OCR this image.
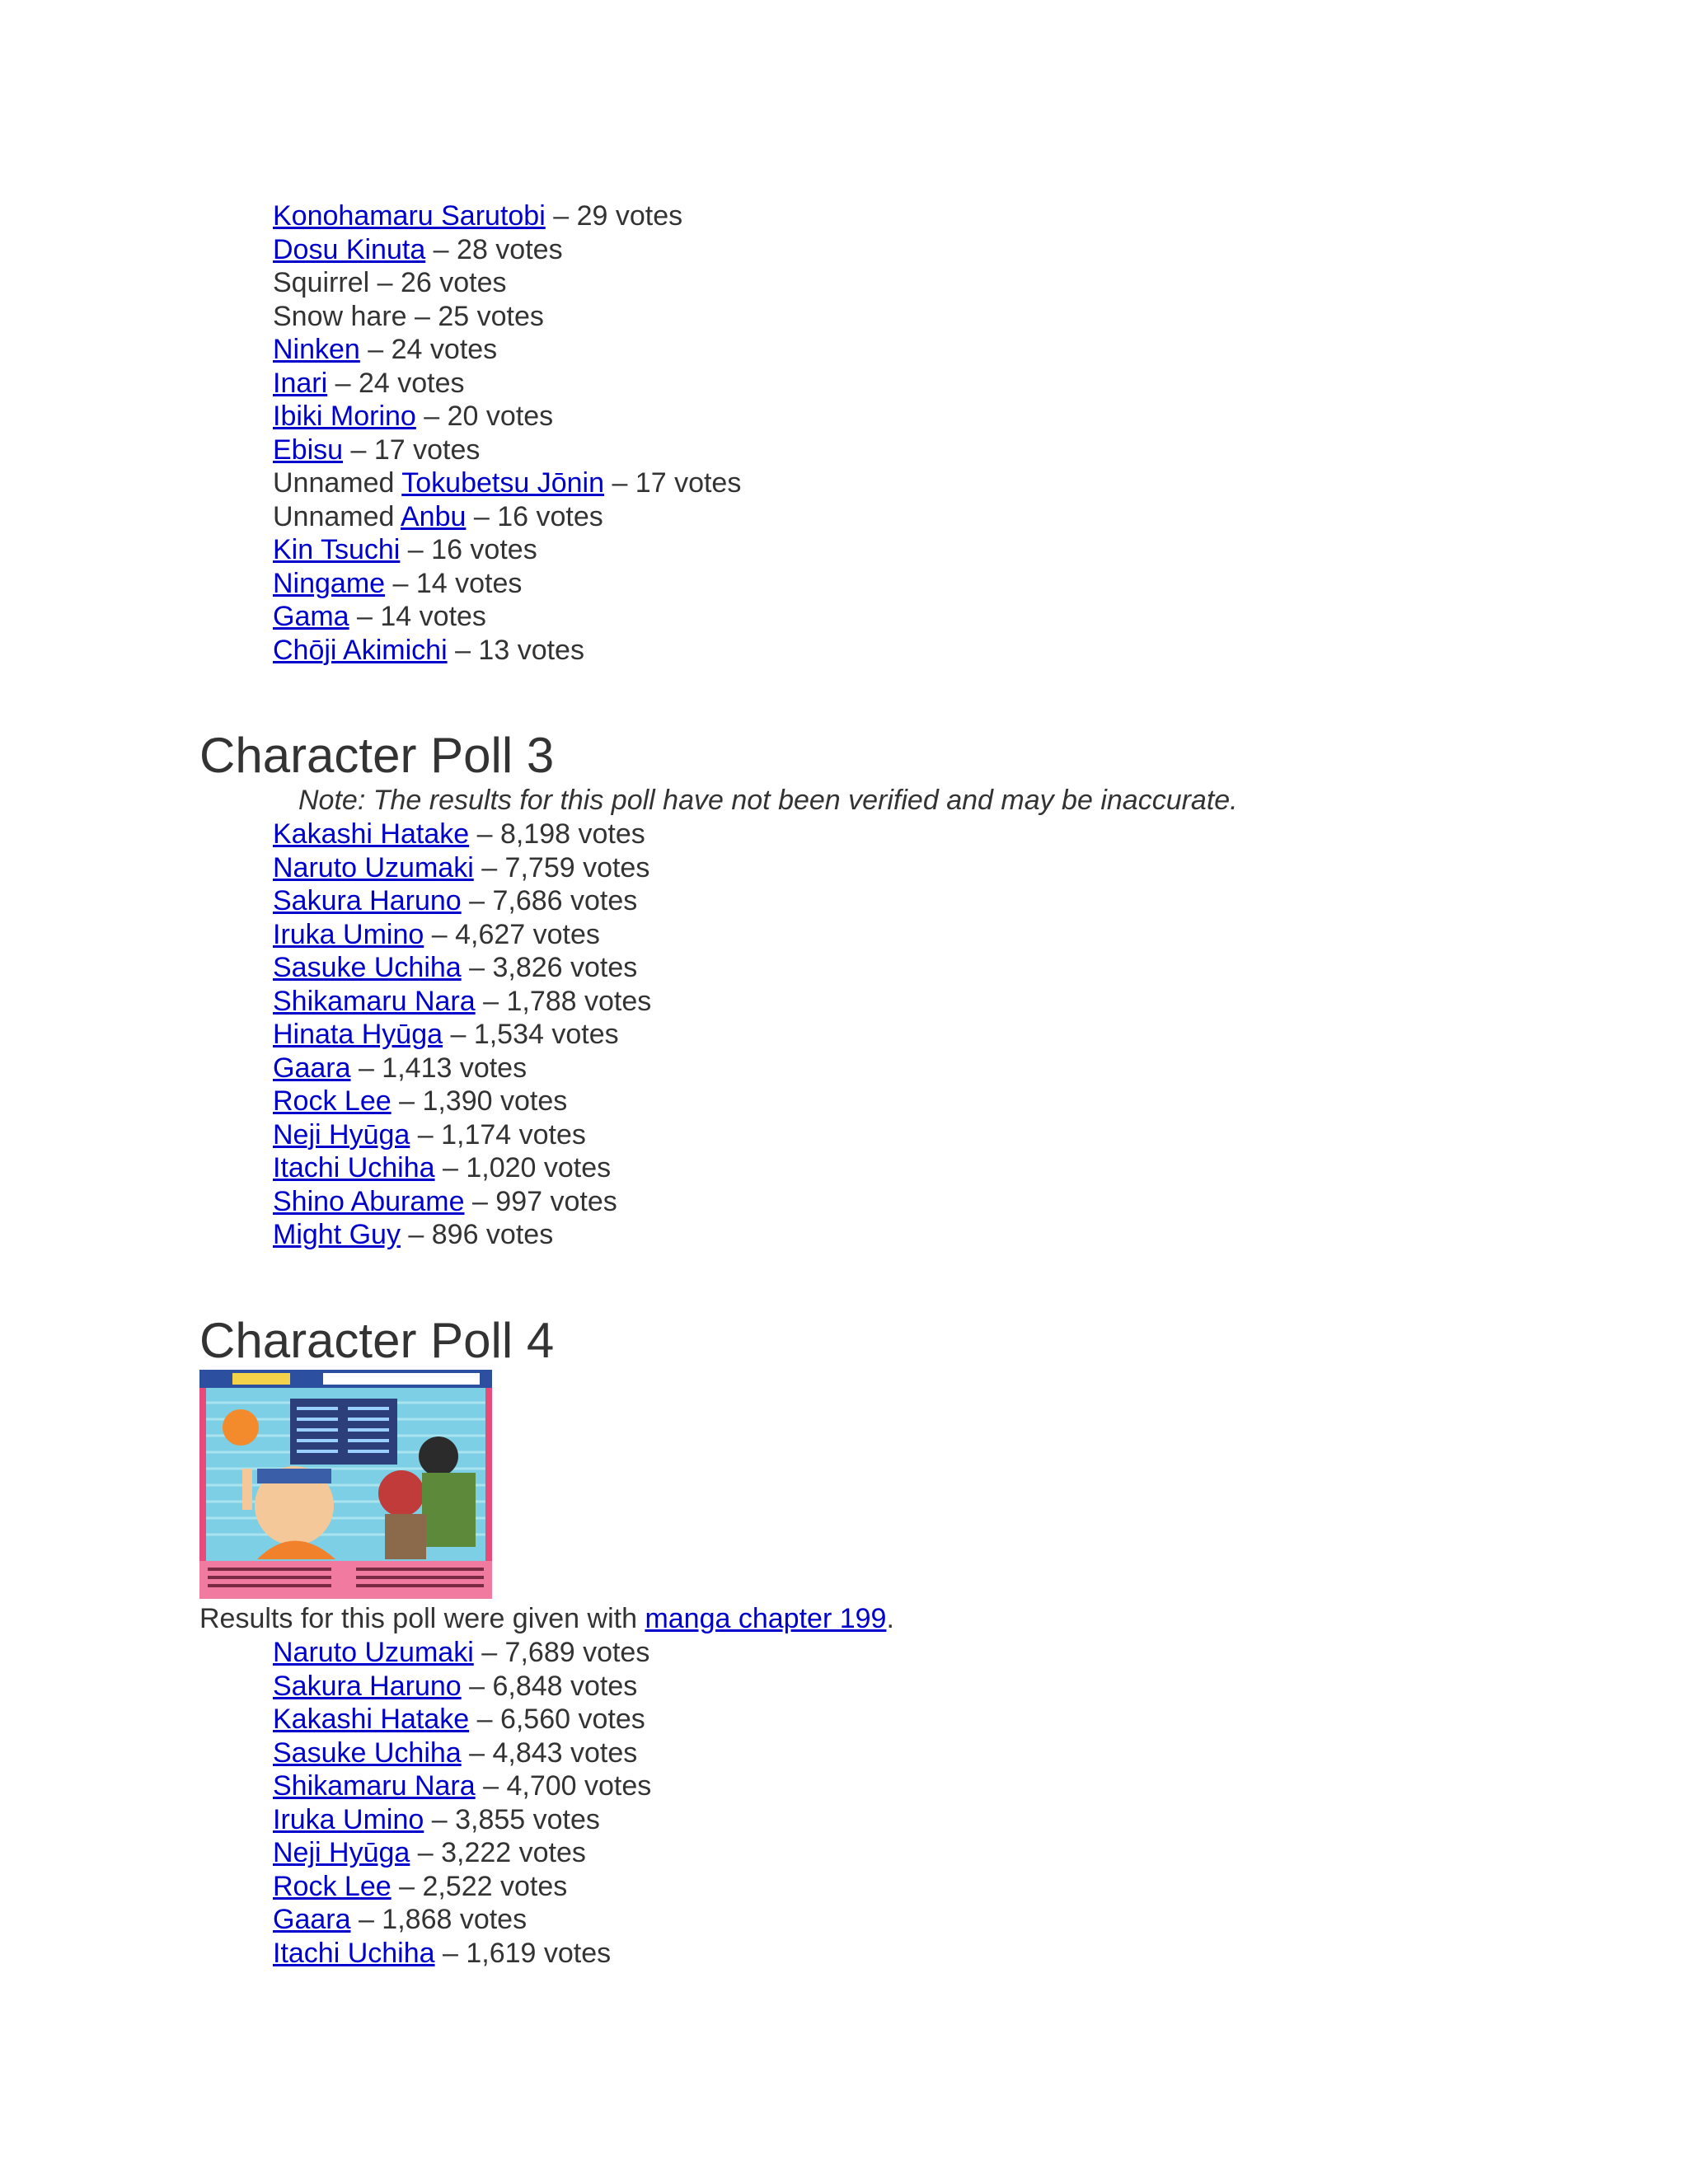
Konohamaru Sarutobi – 29 votes
Dosu Kinuta – 28 votes
Squirrel – 26 votes
Snow hare – 25 votes
Ninken – 24 votes
Inari – 24 votes
Ibiki Morino – 20 votes
Ebisu – 17 votes
Unnamed Tokubetsu Jōnin – 17 votes
Unnamed Anbu – 16 votes
Kin Tsuchi – 16 votes
Ningame – 14 votes
Gama – 14 votes
Chōji Akimichi – 13 votes
Character Poll 3
Note: The results for this poll have not been verified and may be inaccurate.
Kakashi Hatake – 8,198 votes
Naruto Uzumaki – 7,759 votes
Sakura Haruno – 7,686 votes
Iruka Umino – 4,627 votes
Sasuke Uchiha – 3,826 votes
Shikamaru Nara – 1,788 votes
Hinata Hyūga – 1,534 votes
Gaara – 1,413 votes
Rock Lee – 1,390 votes
Neji Hyūga – 1,174 votes
Itachi Uchiha – 1,020 votes
Shino Aburame – 997 votes
Might Guy – 896 votes
Character Poll 4
Results for this poll were given with manga chapter 199.
Naruto Uzumaki – 7,689 votes
Sakura Haruno – 6,848 votes
Kakashi Hatake – 6,560 votes
Sasuke Uchiha – 4,843 votes
Shikamaru Nara – 4,700 votes
Iruka Umino – 3,855 votes
Neji Hyūga – 3,222 votes
Rock Lee – 2,522 votes
Gaara – 1,868 votes
Itachi Uchiha – 1,619 votes
